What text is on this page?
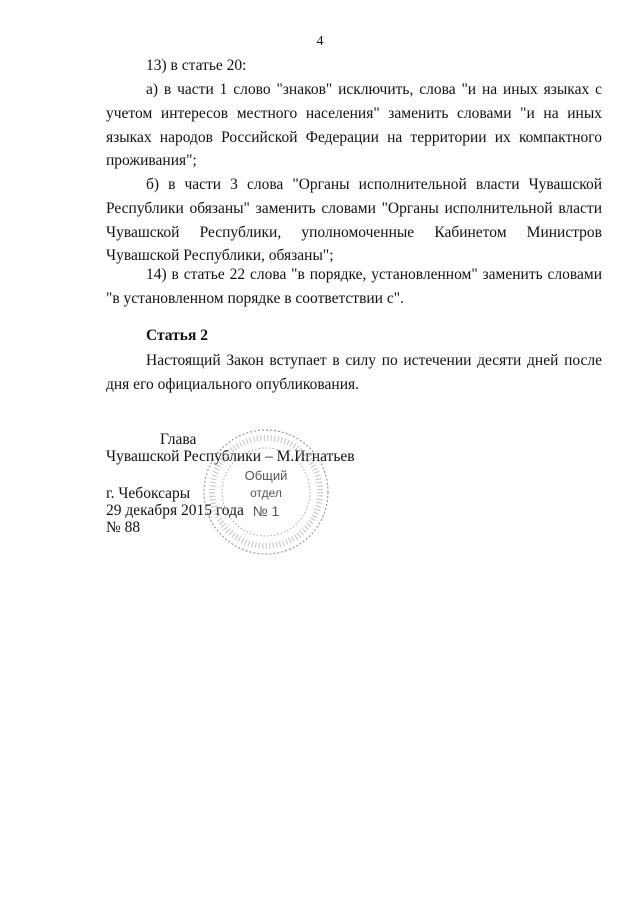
4

13) в статье 20:

а) в части 1 слово "знаков" исключить, слова "и на иных языках с учетом интересов местного населения" заменить словами "и на иных языках народов Российской Федерации на территории их компактного проживания";

б) в части 3 слова "Органы исполнительной власти Чувашской Республики обязаны" заменить словами "Органы исполнительной власти Чувашской Республики, уполномоченные Кабинетом Министров Чувашской Республики, обязаны";

14) в статье 22 слова "в порядке, установленном" заменить словами "в установленном порядке в соответствии с".

Статья 2

Настоящий Закон вступает в силу по истечении десяти дней после дня его официального опубликования.

Глава

Чувашской Республики – М.Игнатьев

г. Чебоксары

29 декабря 2015 года

№ 88

Общий
отдел
№ 1
